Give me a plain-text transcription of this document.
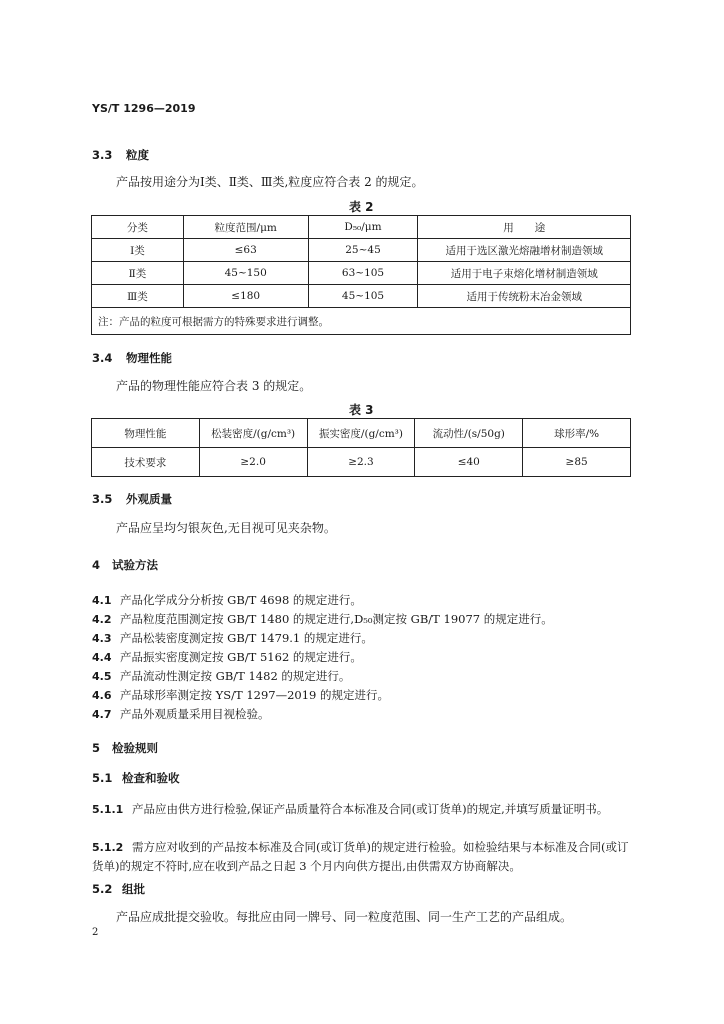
YS/T 1296—2019
3.3 粒度
产品按用途分为Ⅰ类、Ⅱ类、Ⅲ类,粒度应符合表 2 的规定。
表 2
分类	粒度范围/μm	D₅₀/μm	用　　途
Ⅰ类	≤63	25~45	适用于选区激光熔融增材制造领域
Ⅱ类	45~150	63~105	适用于电子束熔化增材制造领域
Ⅲ类	≤180	45~105	适用于传统粉末冶金领域
注：产品的粒度可根据需方的特殊要求进行调整。			
3.4 物理性能
产品的物理性能应符合表 3 的规定。
表 3
物理性能	松装密度/(g/cm³)	振实密度/(g/cm³)	流动性/(s/50g)	球形率/%
技术要求	≥2.0	≥2.3	≤40	≥85
3.5 外观质量
产品应呈均匀银灰色,无目视可见夹杂物。
4 试验方法
4.1 产品化学成分分析按 GB/T 4698 的规定进行。
4.2 产品粒度范围测定按 GB/T 1480 的规定进行,D₅₀测定按 GB/T 19077 的规定进行。
4.3 产品松装密度测定按 GB/T 1479.1 的规定进行。
4.4 产品振实密度测定按 GB/T 5162 的规定进行。
4.5 产品流动性测定按 GB/T 1482 的规定进行。
4.6 产品球形率测定按 YS/T 1297—2019 的规定进行。
4.7 产品外观质量采用目视检验。
5 检验规则
5.1 检查和验收
5.1.1 产品应由供方进行检验,保证产品质量符合本标准及合同(或订货单)的规定,并填写质量证明书。
5.1.2 需方应对收到的产品按本标准及合同(或订货单)的规定进行检验。如检验结果与本标准及合同(或订货单)的规定不符时,应在收到产品之日起 3 个月内向供方提出,由供需双方协商解决。
5.2 组批
产品应成批提交验收。每批应由同一牌号、同一粒度范围、同一生产工艺的产品组成。
2
